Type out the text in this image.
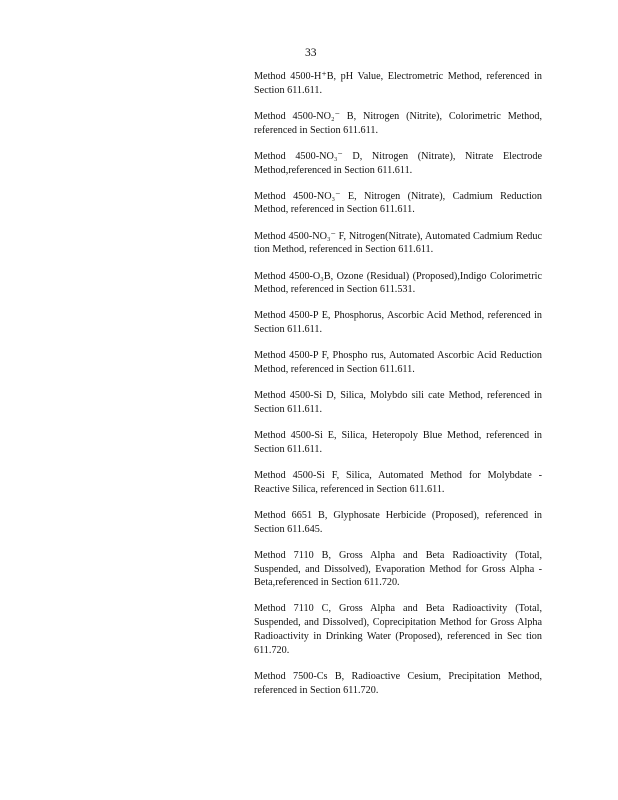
33

Method 4500-H⁺B, pH Value, Electrometric Method, referenced in Section 611.611.

Method 4500-NO₂⁻ B, Nitrogen (Nitrite), Colorimetric Method, referenced in Section 611.611.

Method 4500-NO₃⁻ D, Nitrogen (Nitrate), Nitrate Electrode Method,referenced in Section 611.611.

Method 4500-NO₃⁻ E, Nitrogen (Nitrate), Cadmium Reduction Method, referenced in Section 611.611.

Method 4500-NO₃⁻ F, Nitrogen(Nitrate), Automated Cadmium Reduc tion Method, referenced in Section 611.611.

Method 4500-O₃B, Ozone (Residual) (Proposed),Indigo Colorimetric Method, referenced in Section 611.531.

Method 4500-P E, Phosphorus, Ascorbic Acid Method, referenced in Section 611.611.

Method 4500-P F, Phospho rus, Automated Ascorbic Acid Reduction Method, referenced in Section 611.611.

Method 4500-Si D, Silica, Molybdo sili cate Method, referenced in Section 611.611.

Method 4500-Si E, Silica, Heteropoly Blue Method, referenced in Section 611.611.

Method 4500-Si F, Silica, Automated Method for Molybdate -Reactive Silica, referenced in Section 611.611.

Method 6651 B, Glyphosate Herbicide (Proposed), referenced in Section 611.645.

Method 7110 B, Gross Alpha and Beta Radioactivity (Total, Suspended, and Dissolved), Evaporation Method for Gross Alpha -Beta,referenced in Section 611.720.

Method 7110 C, Gross Alpha and Beta Radioactivity (Total, Suspended, and Dissolved), Coprecipitation Method for Gross Alpha Radioactivity in Drinking Water (Proposed), referenced in Sec tion 611.720.

Method 7500-Cs B, Radioactive Cesium, Precipitation Method, referenced in Section 611.720.
